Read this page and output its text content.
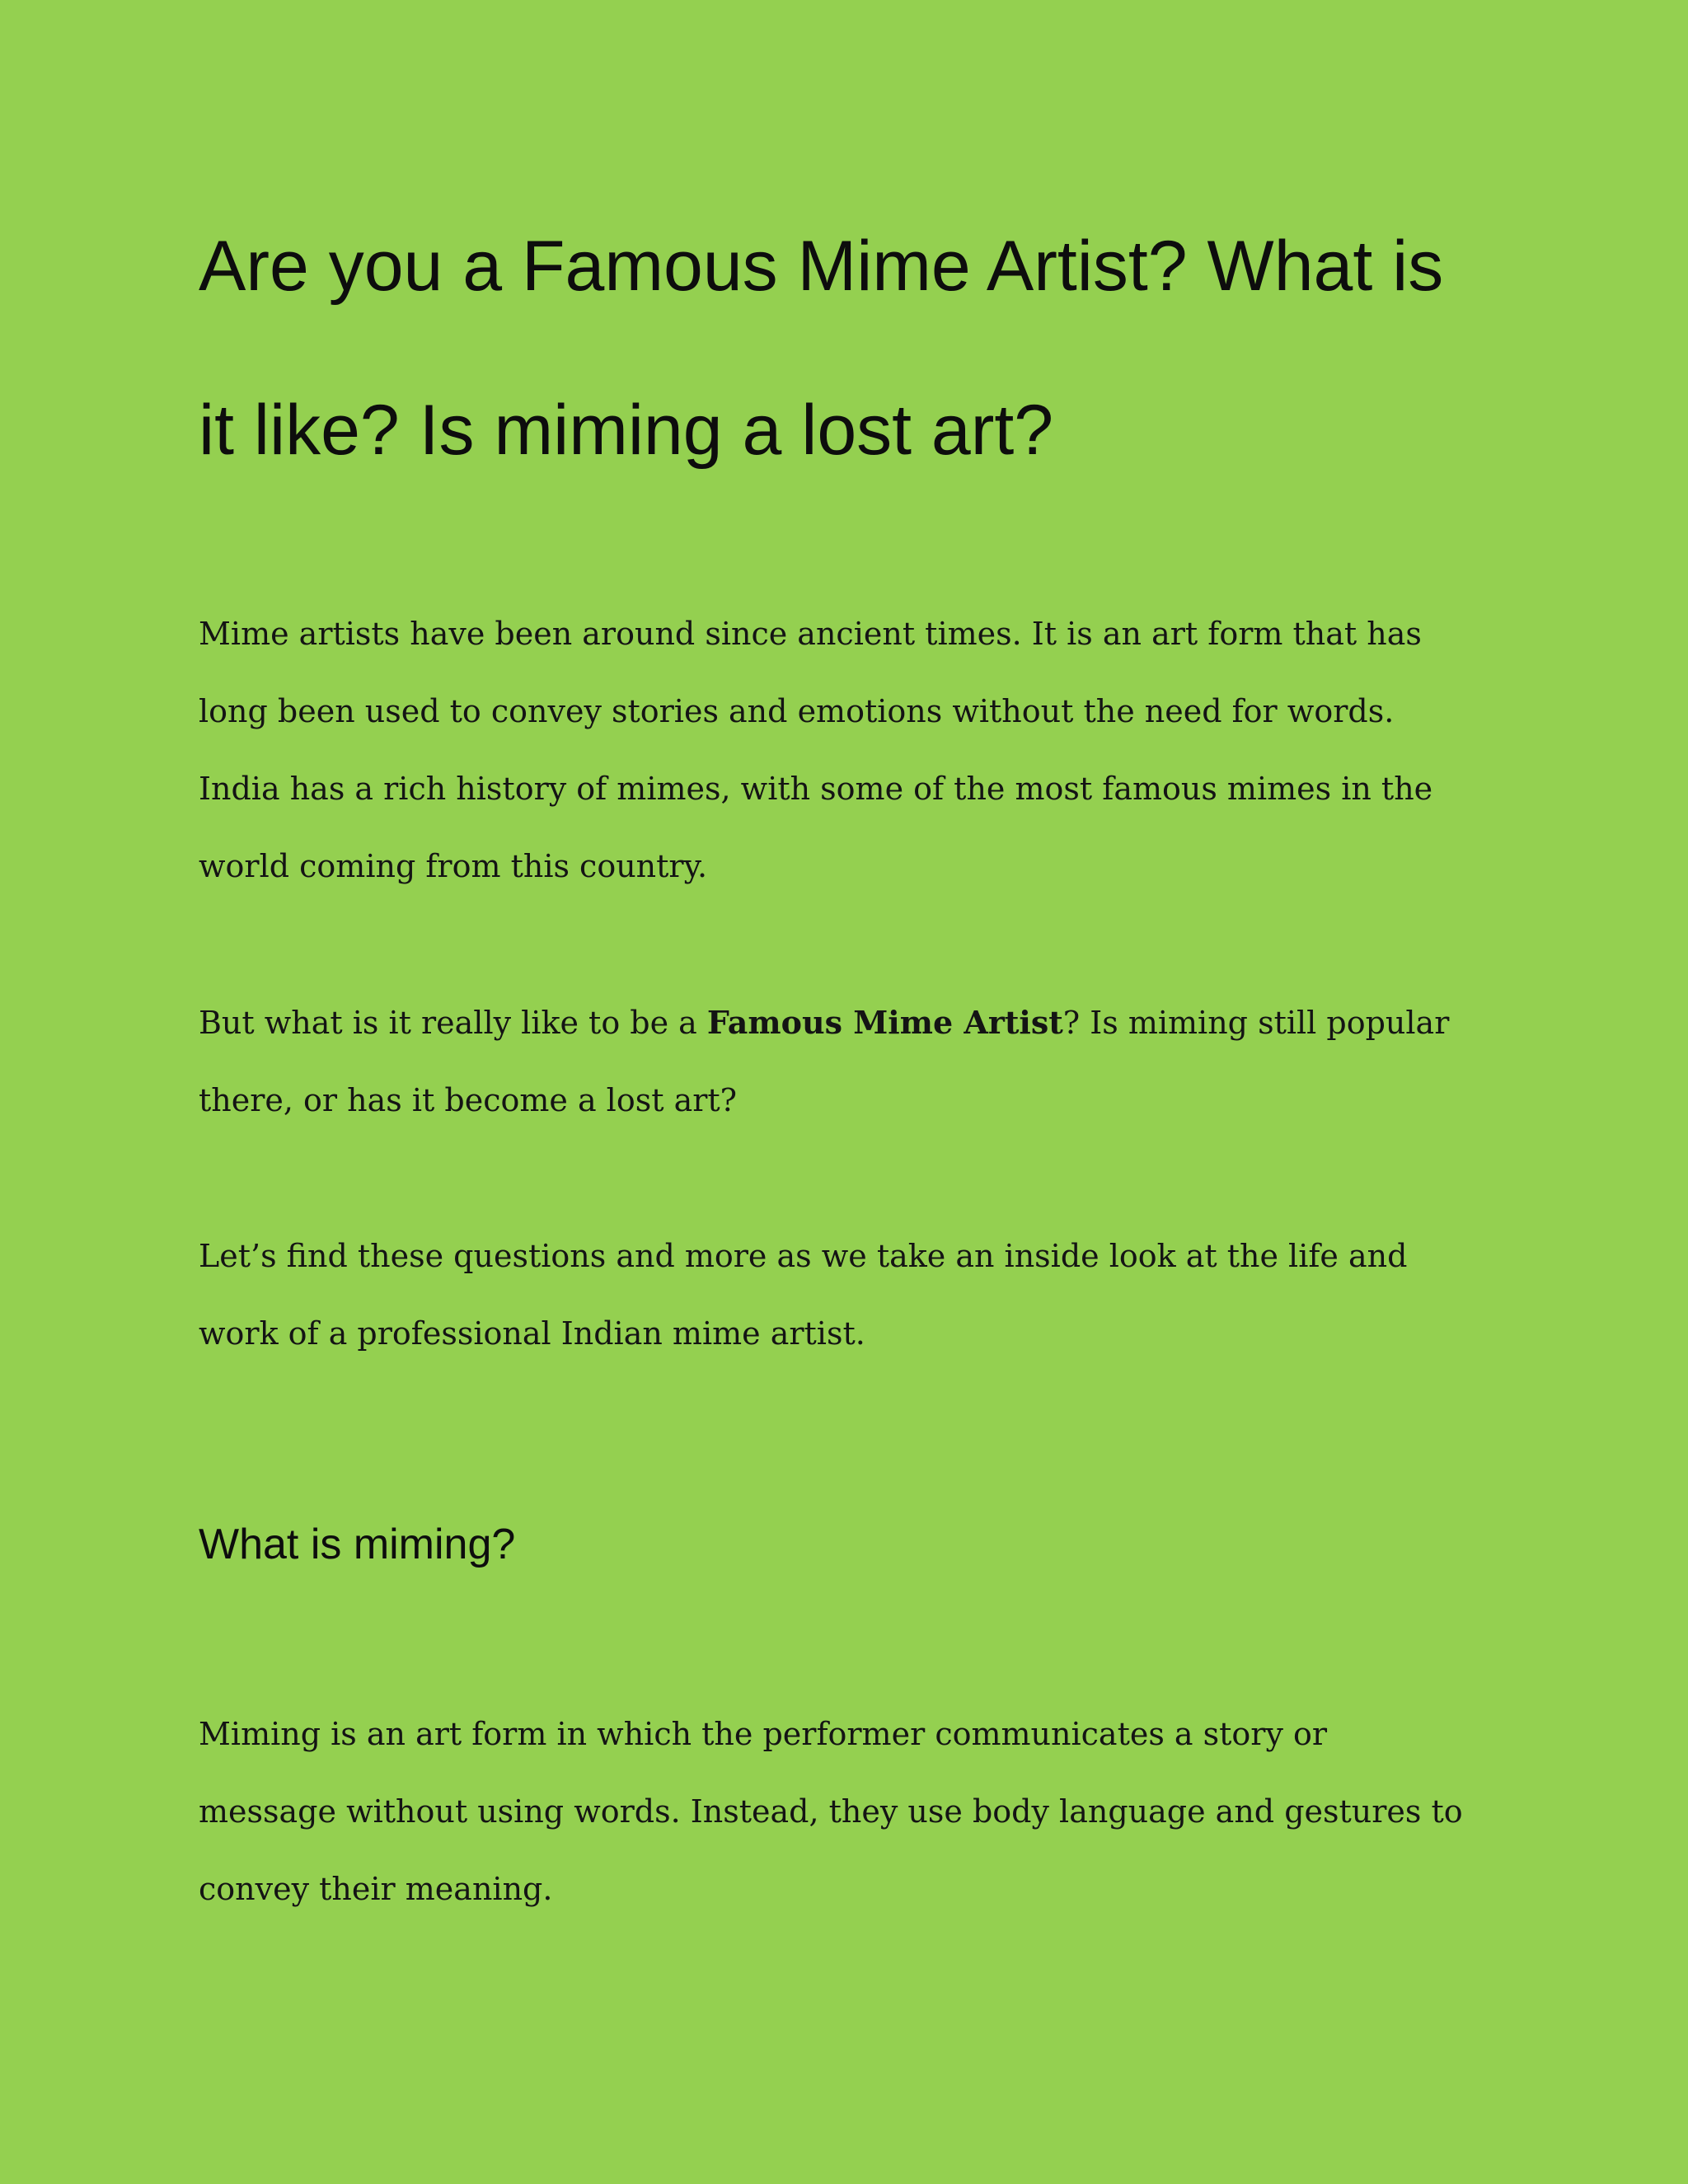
Are you a Famous Mime Artist? What is
it like? Is miming a lost art?

Mime artists have been around since ancient times. It is an art form that has
long been used to convey stories and emotions without the need for words.
India has a rich history of mimes, with some of the most famous mimes in the
world coming from this country.

But what is it really like to be a Famous Mime Artist? Is miming still popular
there, or has it become a lost art?

Let’s find these questions and more as we take an inside look at the life and
work of a professional Indian mime artist.

What is miming?

Miming is an art form in which the performer communicates a story or
message without using words. Instead, they use body language and gestures to
convey their meaning.
